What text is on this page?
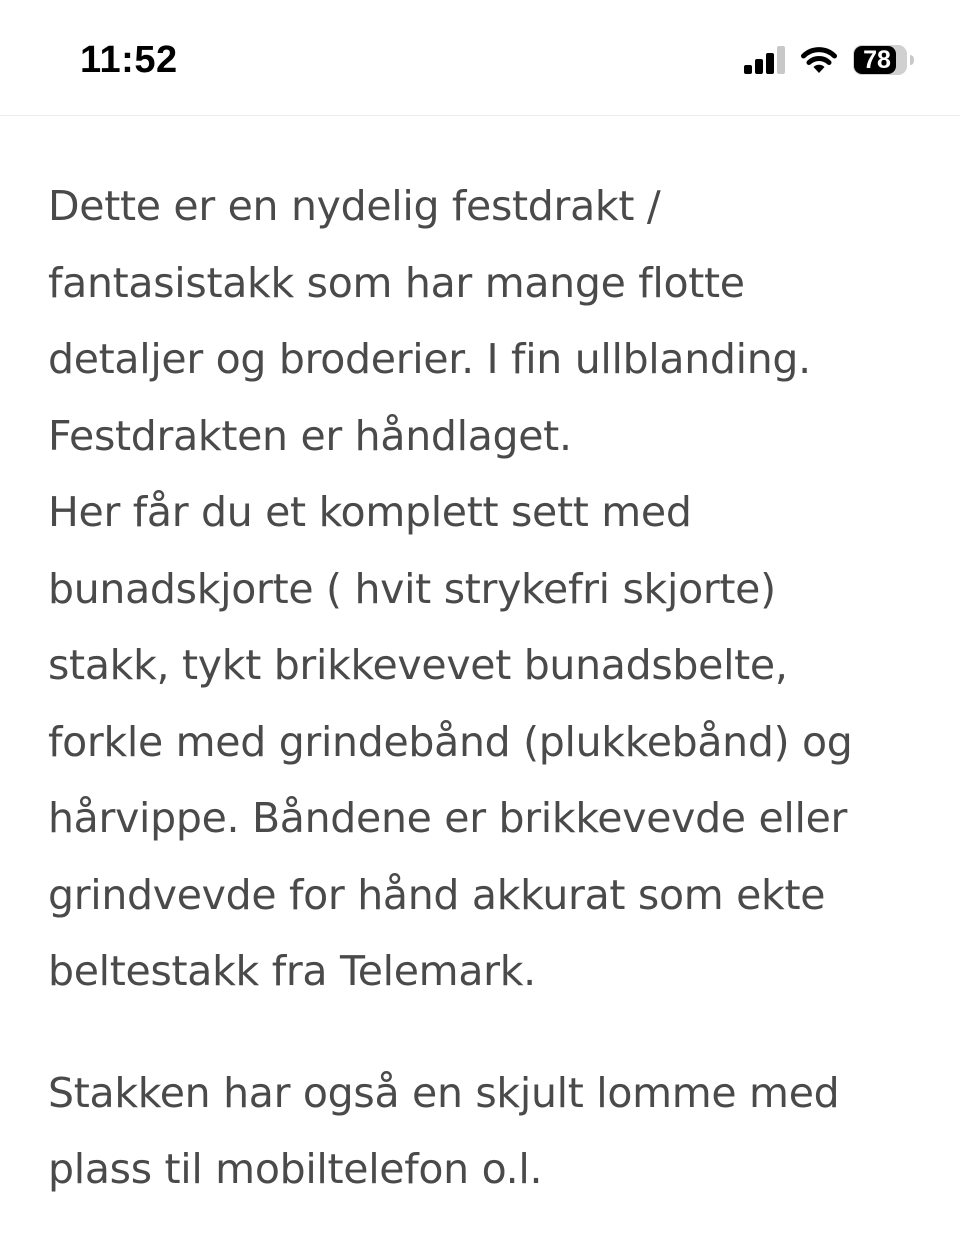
11:52	78

Dette er en nydelig festdrakt /
fantasistakk som har mange flotte
detaljer og broderier. I fin ullblanding.
Festdrakten er håndlaget.
Her får du et komplett sett med
bunadskjorte ( hvit strykefri skjorte)
stakk, tykt brikkevevet bunadsbelte,
forkle med grindebånd (plukkebånd) og
hårvippe. Båndene er brikkevevde eller
grindvevde for hånd akkurat som ekte
beltestakk fra Telemark.

Stakken har også en skjult lomme med
plass til mobiltelefon o.l.
